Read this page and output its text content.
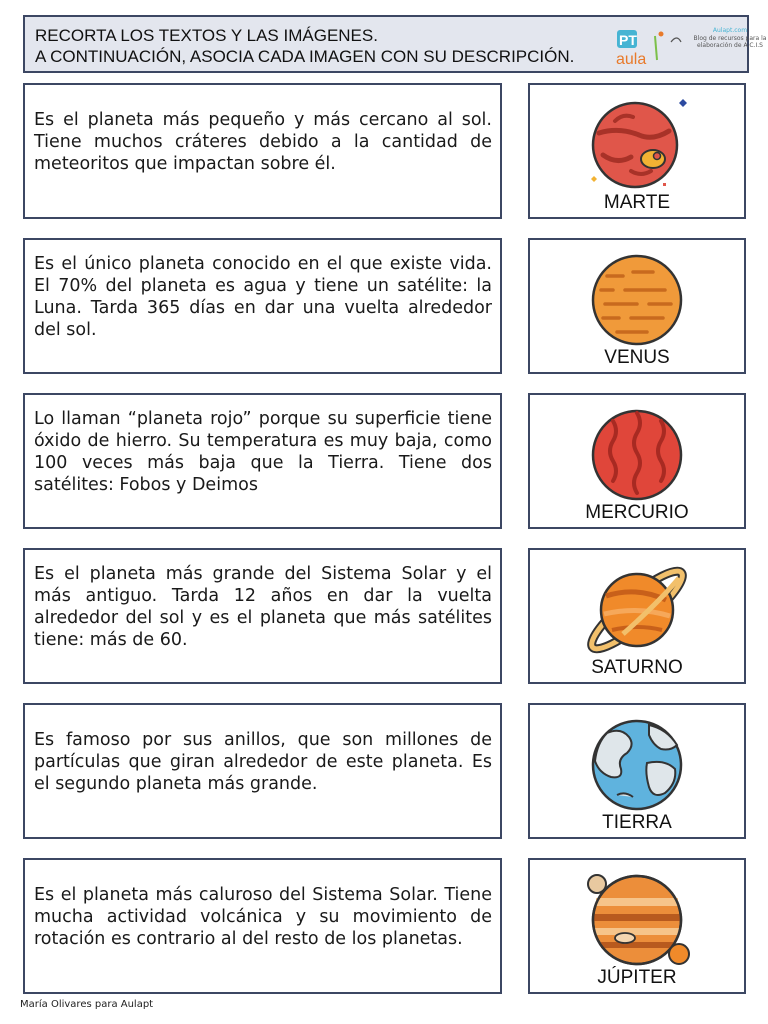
RECORTA LOS TEXTOS Y LAS IMÁGENES.
A CONTINUACIÓN, ASOCIA CADA IMAGEN CON SU DESCRIPCIÓN.
PT
aula
Aulapt.com
Blog de recursos para la elaboración de A.C.I.S

Es el planeta más pequeño y más cercano al sol. Tiene muchos cráteres debido a la cantidad de meteoritos que impactan sobre él.

Es el único planeta conocido en el que existe vida. El 70% del planeta es agua y tiene un satélite: la Luna. Tarda 365 días en dar una vuelta alrededor del sol.

Lo llaman “planeta rojo” porque su superficie tiene óxido de hierro. Su temperatura es muy baja, como 100 veces más baja que la Tierra. Tiene dos satélites: Fobos y Deimos

Es el planeta más grande del Sistema Solar y el más antiguo. Tarda 12 años en dar la vuelta alrededor del sol y es el planeta que más satélites tiene: más de 60.

Es famoso por sus anillos, que son millones de partículas que giran alrededor de este planeta. Es el segundo planeta más grande.

Es el planeta más caluroso del Sistema Solar. Tiene mucha actividad volcánica y su movimiento de rotación es contrario al del resto de los planetas.

MARTE
VENUS
MERCURIO
SATURNO
TIERRA
JÚPITER
María Olivares para Aulapt
